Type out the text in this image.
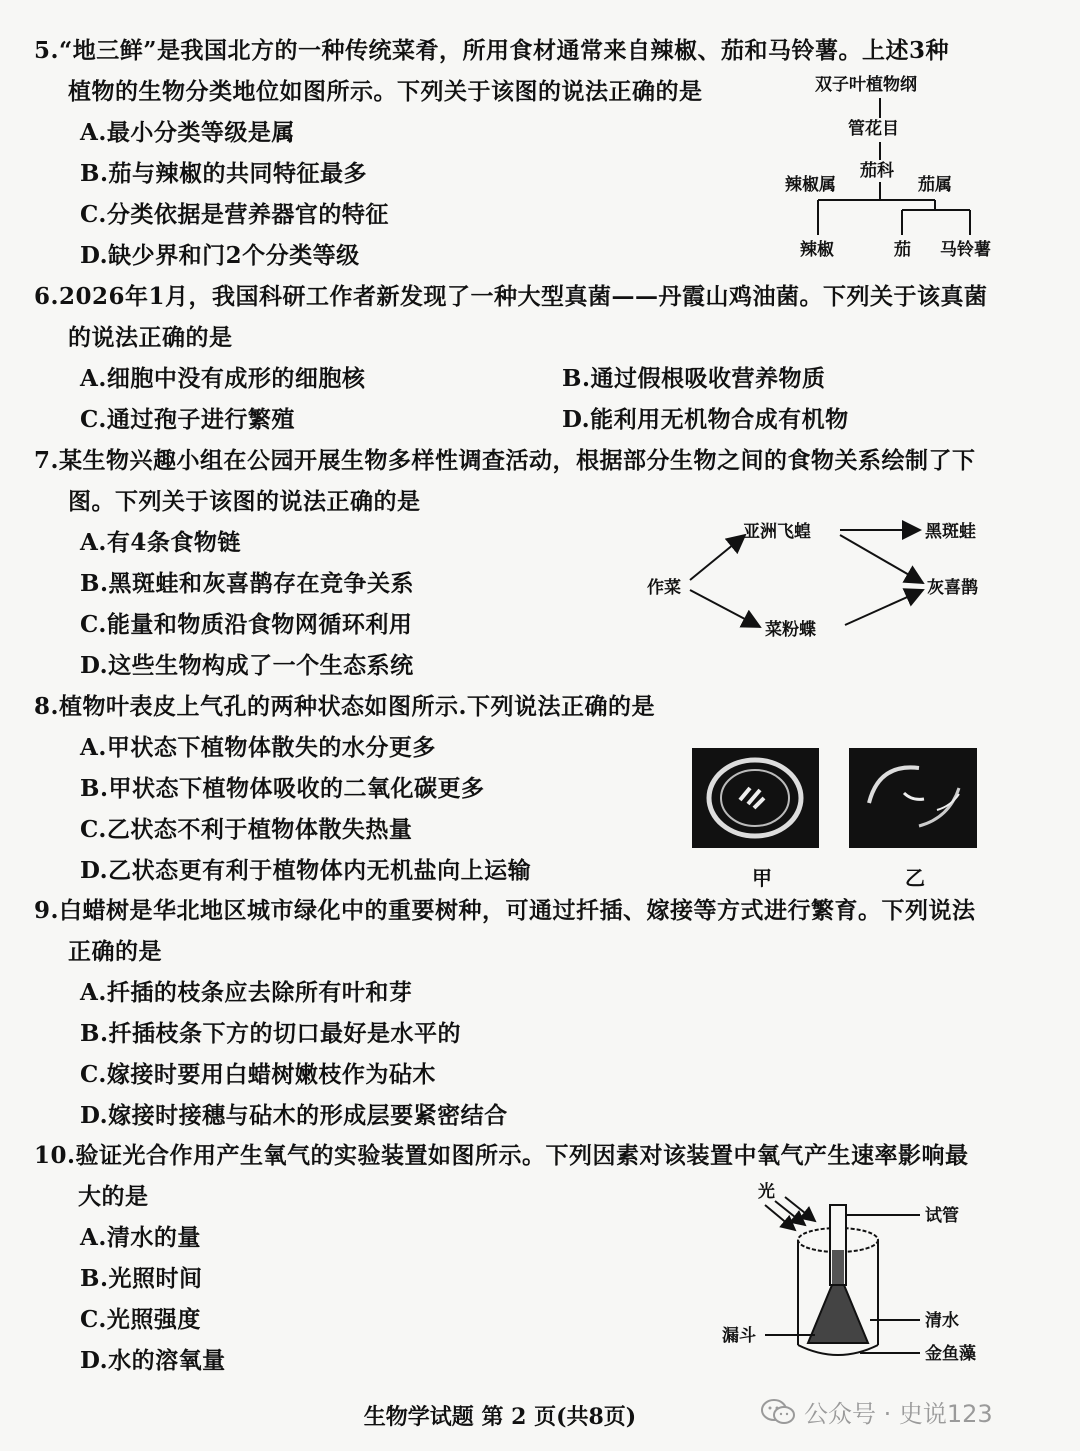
5.“地三鲜”是我国北方的一种传统菜肴，所用食材通常来自辣椒、茄和马铃薯。上述3种
植物的生物分类地位如图所示。下列关于该图的说法正确的是
A.最小分类等级是属
B.茄与辣椒的共同特征最多
C.分类依据是营养器官的特征
D.缺少界和门2个分类等级
双子叶植物纲
管花目
茄科
辣椒属	茄属
辣椒	茄 马铃薯
6.2026年1月，我国科研工作者新发现了一种大型真菌——丹霞山鸡油菌。下列关于该真菌
的说法正确的是
A.细胞中没有成形的细胞核	B.通过假根吸收营养物质
C.通过孢子进行繁殖	D.能利用无机物合成有机物
7.某生物兴趣小组在公园开展生物多样性调查活动，根据部分生物之间的食物关系绘制了下
图。下列关于该图的说法正确的是
A.有4条食物链
B.黑斑蛙和灰喜鹊存在竞争关系
C.能量和物质沿食物网循环利用
D.这些生物构成了一个生态系统
作菜
亚洲飞蝗
菜粉蝶
黑斑蛙
灰喜鹊
8.植物叶表皮上气孔的两种状态如图所示.下列说法正确的是
A.甲状态下植物体散失的水分更多
B.甲状态下植物体吸收的二氧化碳更多
C.乙状态不利于植物体散失热量
D.乙状态更有利于植物体内无机盐向上运输	甲	乙
9.白蜡树是华北地区城市绿化中的重要树种，可通过扦插、嫁接等方式进行繁育。下列说法
正确的是
A.扦插的枝条应去除所有叶和芽
B.扦插枝条下方的切口最好是水平的
C.嫁接时要用白蜡树嫩枝作为砧木
D.嫁接时接穗与砧木的形成层要紧密结合
10.验证光合作用产生氧气的实验装置如图所示。下列因素对该装置中氧气产生速率影响最
大的是
A.清水的量
B.光照时间
C.光照强度
D.水的溶氧量
光
试管
清水
漏斗
金鱼藻
生物学试题 第 2 页(共8页)	公众号 · 史说123
